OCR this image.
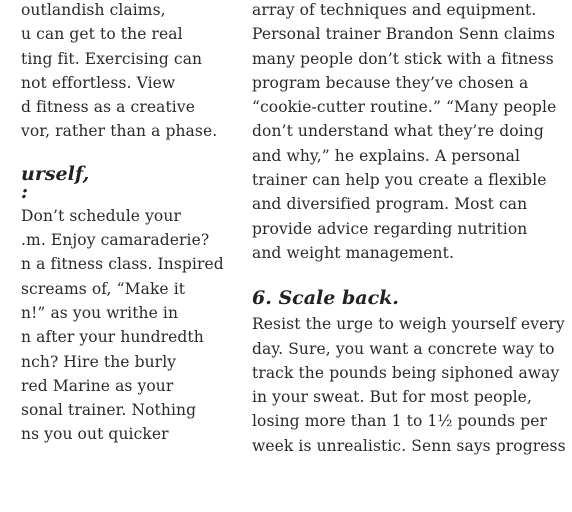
outlandish claims,
u can get to the real
ting fit. Exercising can
not effortless. View
d fitness as a creative
vor, rather than a phase.
urself,
:
Don’t schedule your
.m. Enjoy camaraderie?
n a fitness class. Inspired
screams of, “Make it
n!” as you writhe in
n after your hundredth
nch? Hire the burly
red Marine as your
sonal trainer. Nothing
ns you out quicker
array of techniques and equipment.
Personal trainer Brandon Senn claims
many people don’t stick with a fitness
program because they’ve chosen a
“cookie-cutter routine.” “Many people
don’t understand what they’re doing
and why,” he explains. A personal
trainer can help you create a flexible
and diversified program. Most can
provide advice regarding nutrition
and weight management.
6. Scale back.
Resist the urge to weigh yourself every
day. Sure, you want a concrete way to
track the pounds being siphoned away
in your sweat. But for most people,
losing more than 1 to 1½ pounds per
week is unrealistic. Senn says progress
